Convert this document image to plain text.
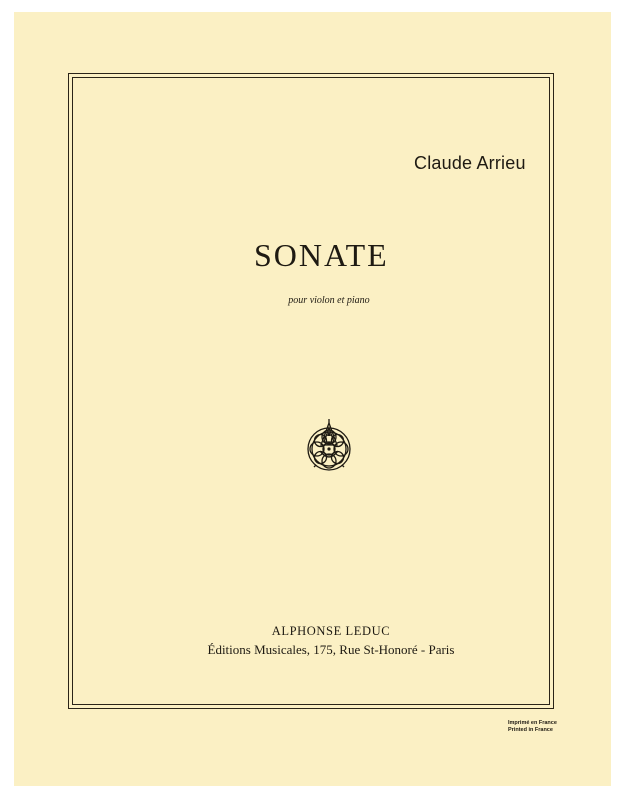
Claude Arrieu
SONATE
pour violon et piano
ALPHONSE LEDUC
Éditions Musicales, 175, Rue St-Honoré - Paris
Imprimé en France
Printed in France
